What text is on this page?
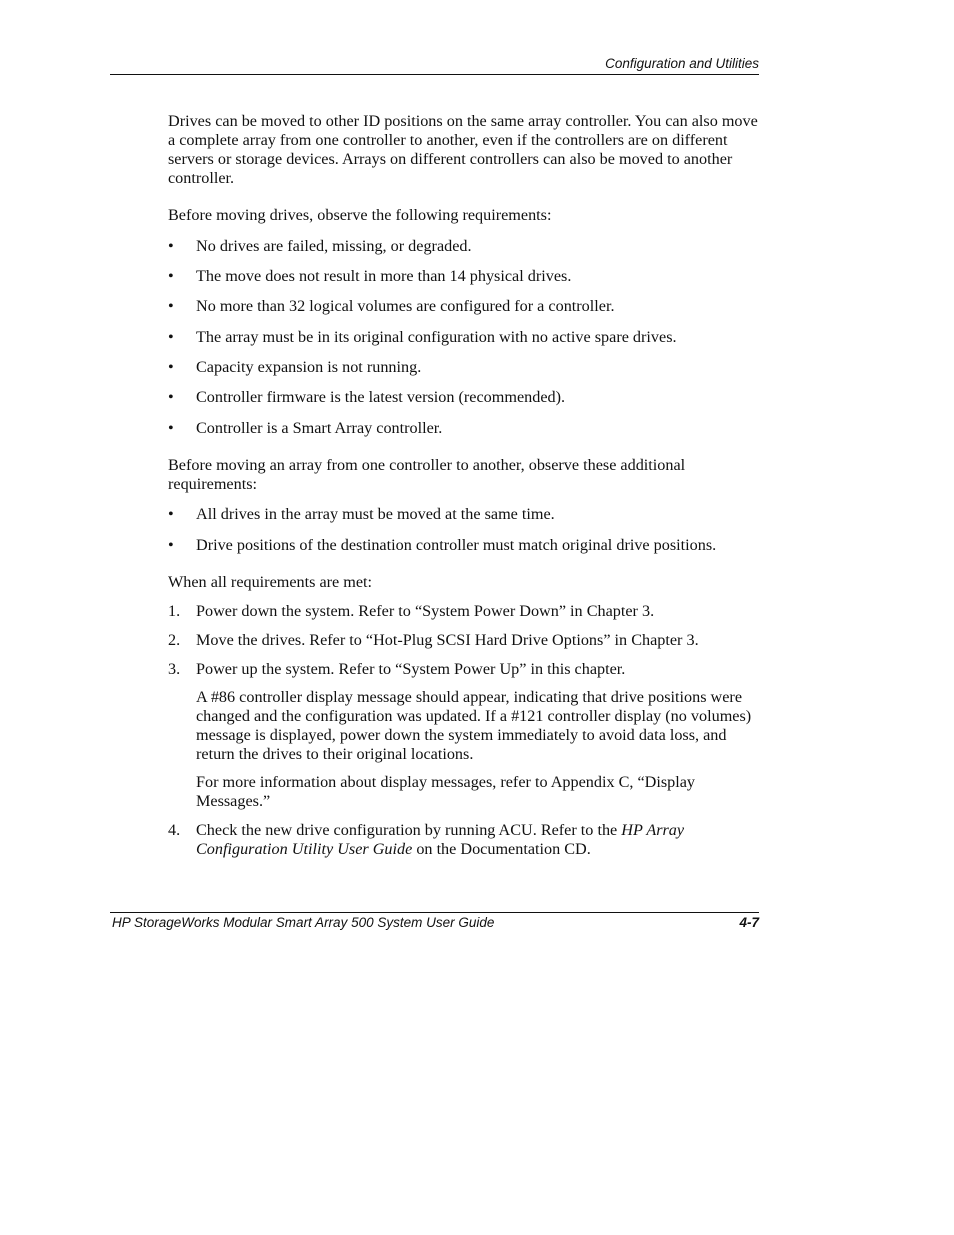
Configuration and Utilities

Drives can be moved to other ID positions on the same array controller. You can also move a complete array from one controller to another, even if the controllers are on different servers or storage devices. Arrays on different controllers can also be moved to another controller.

Before moving drives, observe the following requirements:

•	No drives are failed, missing, or degraded.
•	The move does not result in more than 14 physical drives.
•	No more than 32 logical volumes are configured for a controller.
•	The array must be in its original configuration with no active spare drives.
•	Capacity expansion is not running.
•	Controller firmware is the latest version (recommended).
•	Controller is a Smart Array controller.

Before moving an array from one controller to another, observe these additional requirements:

•	All drives in the array must be moved at the same time.
•	Drive positions of the destination controller must match original drive positions.

When all requirements are met:

1. Power down the system. Refer to “System Power Down” in Chapter 3.
2. Move the drives. Refer to “Hot-Plug SCSI Hard Drive Options” in Chapter 3.
3. Power up the system. Refer to “System Power Up” in this chapter.

A #86 controller display message should appear, indicating that drive positions were changed and the configuration was updated. If a #121 controller display (no volumes) message is displayed, power down the system immediately to avoid data loss, and return the drives to their original locations.

For more information about display messages, refer to Appendix C, “Display Messages.”

4. Check the new drive configuration by running ACU. Refer to the HP Array Configuration Utility User Guide on the Documentation CD.
HP StorageWorks Modular Smart Array 500 System User Guide	4-7
